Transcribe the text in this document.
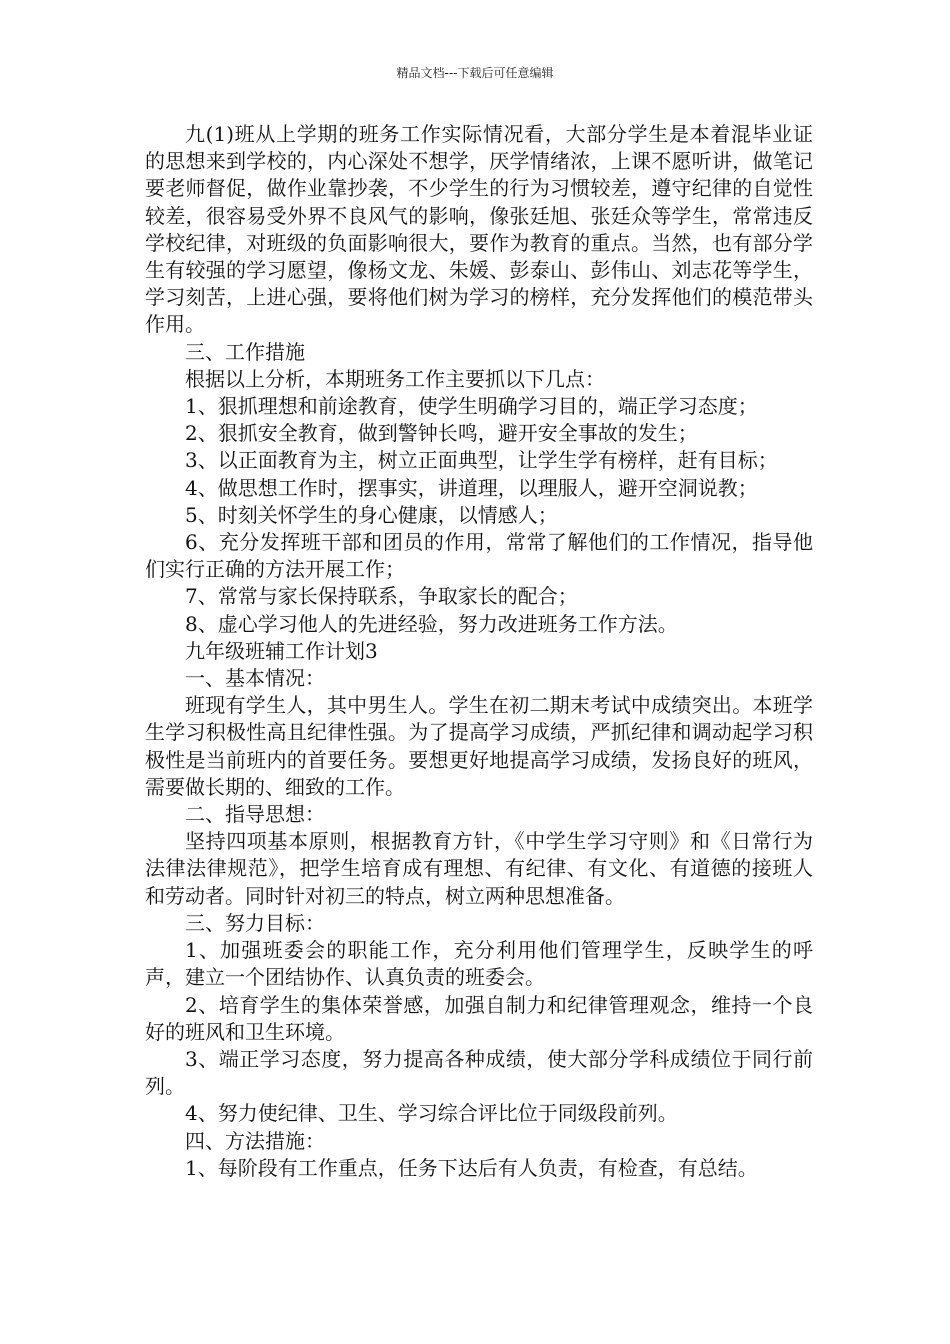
精品文档---下载后可任意编辑

九(1)班从上学期的班务工作实际情况看，大部分学生是本着混毕业证的思想来到学校的，内心深处不想学，厌学情绪浓，上课不愿听讲，做笔记要老师督促，做作业靠抄袭，不少学生的行为习惯较差，遵守纪律的自觉性较差，很容易受外界不良风气的影响，像张廷旭、张廷众等学生，常常违反学校纪律，对班级的负面影响很大，要作为教育的重点。当然，也有部分学生有较强的学习愿望，像杨文龙、朱媛、彭泰山、彭伟山、刘志花等学生，学习刻苦，上进心强，要将他们树为学习的榜样，充分发挥他们的模范带头作用。

三、工作措施

根据以上分析，本期班务工作主要抓以下几点：

1、狠抓理想和前途教育，使学生明确学习目的，端正学习态度；

2、狠抓安全教育，做到警钟长鸣，避开安全事故的发生；

3、以正面教育为主，树立正面典型，让学生学有榜样，赶有目标；

4、做思想工作时，摆事实，讲道理，以理服人，避开空洞说教；

5、时刻关怀学生的身心健康，以情感人；

6、充分发挥班干部和团员的作用，常常了解他们的工作情况，指导他们实行正确的方法开展工作；

7、常常与家长保持联系，争取家长的配合；

8、虚心学习他人的先进经验，努力改进班务工作方法。

九年级班辅工作计划3

一、基本情况：

班现有学生人，其中男生人。学生在初二期末考试中成绩突出。本班学生学习积极性高且纪律性强。为了提高学习成绩，严抓纪律和调动起学习积极性是当前班内的首要任务。要想更好地提高学习成绩，发扬良好的班风，需要做长期的、细致的工作。

二、指导思想：

坚持四项基本原则，根据教育方针，《中学生学习守则》和《日常行为法律法律规范》，把学生培育成有理想、有纪律、有文化、有道德的接班人和劳动者。同时针对初三的特点，树立两种思想准备。

三、努力目标：

1、加强班委会的职能工作，充分利用他们管理学生，反映学生的呼声，建立一个团结协作、认真负责的班委会。

2、培育学生的集体荣誉感，加强自制力和纪律管理观念，维持一个良好的班风和卫生环境。

3、端正学习态度，努力提高各种成绩，使大部分学科成绩位于同行前列。

4、努力使纪律、卫生、学习综合评比位于同级段前列。

四、方法措施：

1、每阶段有工作重点，任务下达后有人负责，有检查，有总结。
